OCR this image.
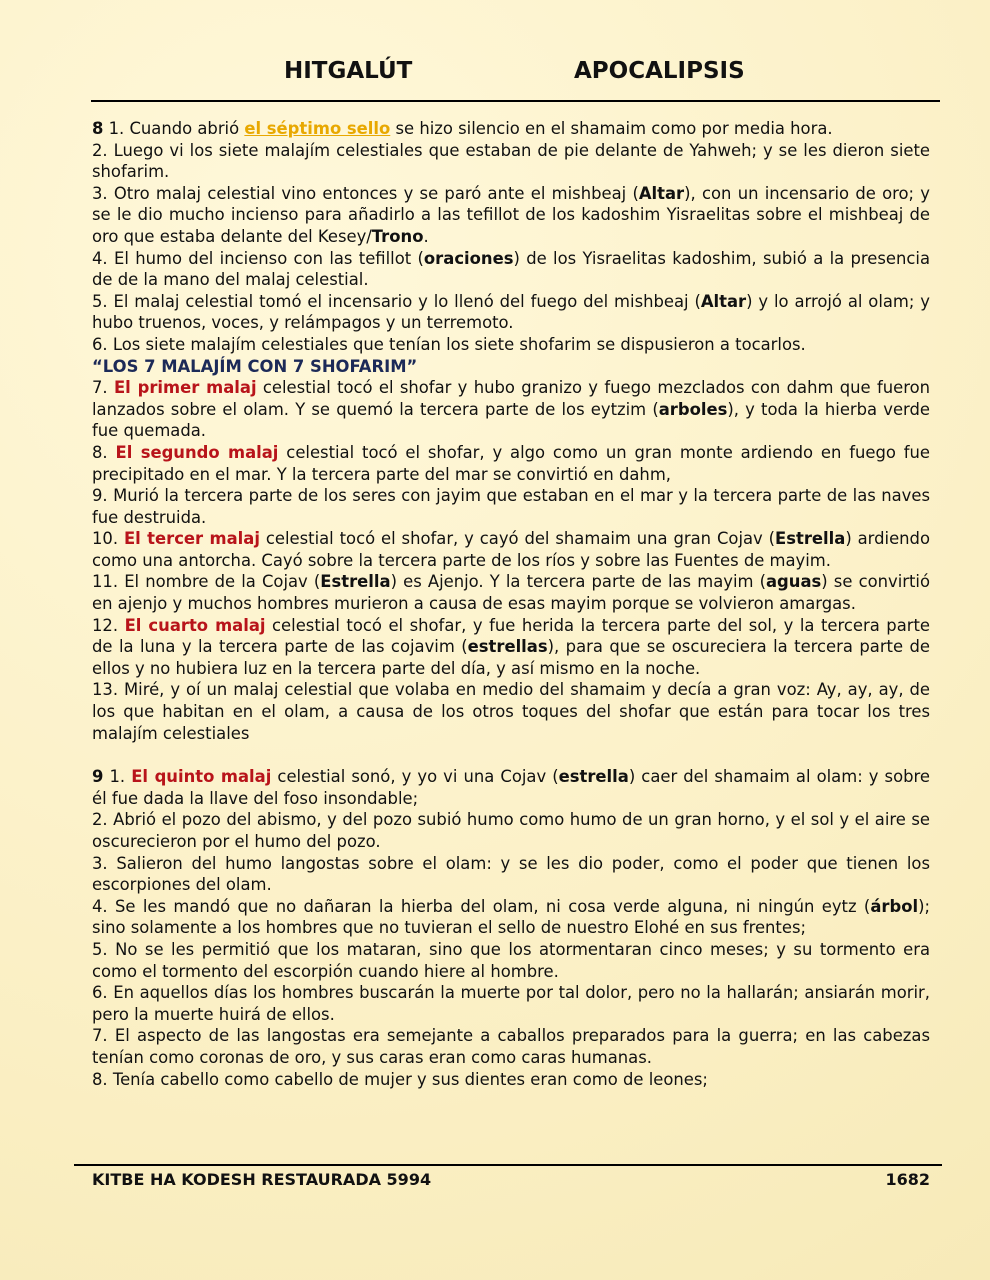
HITGALÚT	APOCALIPSIS

8 1. Cuando abrió el séptimo sello se hizo silencio en el shamaim como por media hora.

2. Luego vi los siete malajím celestiales que estaban de pie delante de Yahweh; y se les dieron siete shofarim.

3. Otro malaj celestial vino entonces y se paró ante el mishbeaj (Altar), con un incensario de oro; y se le dio mucho incienso para añadirlo a las tefillot de los kadoshim Yisraelitas sobre el mishbeaj de oro que estaba delante del Kesey/Trono.

4. El humo del incienso con las tefillot (oraciones) de los Yisraelitas kadoshim, subió a la presencia de de la mano del malaj celestial.

5. El malaj celestial tomó el incensario y lo llenó del fuego del mishbeaj (Altar) y lo arrojó al olam; y hubo truenos, voces, y relámpagos y un terremoto.

6. Los siete malajím celestiales que tenían los siete shofarim se dispusieron a tocarlos.

“LOS 7 MALAJÍM CON 7 SHOFARIM”

7. El primer malaj celestial tocó el shofar y hubo granizo y fuego mezclados con dahm que fueron lanzados sobre el olam. Y se quemó la tercera parte de los eytzim (arboles), y toda la hierba verde fue quemada.

8. El segundo malaj celestial tocó el shofar, y algo como un gran monte ardiendo en fuego fue precipitado en el mar. Y la tercera parte del mar se convirtió en dahm,

9. Murió la tercera parte de los seres con jayim que estaban en el mar y la tercera parte de las naves fue destruida.

10. El tercer malaj celestial tocó el shofar, y cayó del shamaim una gran Cojav (Estrella) ardiendo como una antorcha. Cayó sobre la tercera parte de los ríos y sobre las Fuentes de mayim.

11. El nombre de la Cojav (Estrella) es Ajenjo. Y la tercera parte de las mayim (aguas) se convirtió en ajenjo y muchos hombres murieron a causa de esas mayim porque se volvieron amargas.

12. El cuarto malaj celestial tocó el shofar, y fue herida la tercera parte del sol, y la tercera parte de la luna y la tercera parte de las cojavim (estrellas), para que se oscureciera la tercera parte de ellos y no hubiera luz en la tercera parte del día, y así mismo en la noche.

13. Miré, y oí un malaj celestial que volaba en medio del shamaim y decía a gran voz: Ay, ay, ay, de los que habitan en el olam, a causa de los otros toques del shofar que están para tocar los tres malajím celestiales

9 1. El quinto malaj celestial sonó, y yo vi una Cojav (estrella) caer del shamaim al olam: y sobre él fue dada la llave del foso insondable;

2. Abrió el pozo del abismo, y del pozo subió humo como humo de un gran horno, y el sol y el aire se oscurecieron por el humo del pozo.

3. Salieron del humo langostas sobre el olam: y se les dio poder, como el poder que tienen los escorpiones del olam.

4. Se les mandó que no dañaran la hierba del olam, ni cosa verde alguna, ni ningún eytz (árbol); sino solamente a los hombres que no tuvieran el sello de nuestro Elohé en sus frentes;

5. No se les permitió que los mataran, sino que los atormentaran cinco meses; y su tormento era como el tormento del escorpión cuando hiere al hombre.

6. En aquellos días los hombres buscarán la muerte por tal dolor, pero no la hallarán; ansiarán morir, pero la muerte huirá de ellos.

7. El aspecto de las langostas era semejante a caballos preparados para la guerra; en las cabezas tenían como coronas de oro, y sus caras eran como caras humanas.

8. Tenía cabello como cabello de mujer y sus dientes eran como de leones;

KITBE HA KODESH RESTAURADA 5994	1682
